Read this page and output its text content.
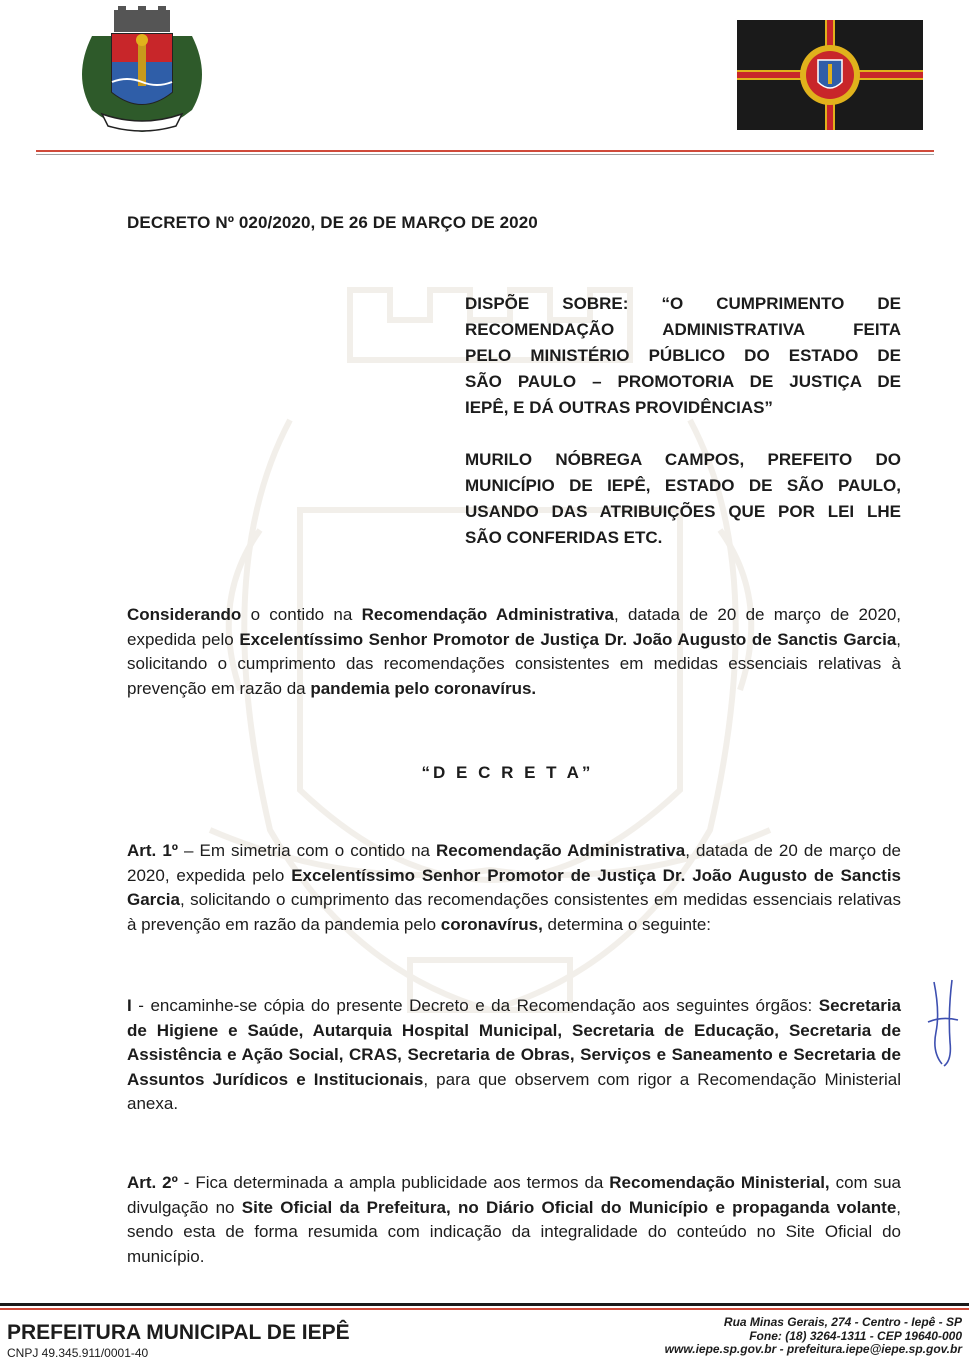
DECRETO Nº 020/2020, DE 26 DE MARÇO DE 2020
DISPÕE SOBRE: “O CUMPRIMENTO DE
RECOMENDAÇÃO ADMINISTRATIVA FEITA
PELO MINISTÉRIO PÚBLICO DO ESTADO DE
SÃO PAULO – PROMOTORIA DE JUSTIÇA DE
IEPÊ, E DÁ OUTRAS PROVIDÊNCIAS”
MURILO NÓBREGA CAMPOS, PREFEITO DO
MUNICÍPIO DE IEPÊ, ESTADO DE SÃO PAULO,
USANDO DAS ATRIBUIÇÕES QUE POR LEI LHE
SÃO CONFERIDAS ETC.
Considerando o contido na Recomendação Administrativa, datada de 20 de março de 2020, expedida pelo Excelentíssimo Senhor Promotor de Justiça Dr. João Augusto de Sanctis Garcia, solicitando o cumprimento das recomendações consistentes em medidas essenciais relativas à prevenção em razão da pandemia pelo coronavírus.
“D E C R E T A”
Art. 1º – Em simetria com o contido na Recomendação Administrativa, datada de 20 de março de 2020, expedida pelo Excelentíssimo Senhor Promotor de Justiça Dr. João Augusto de Sanctis Garcia, solicitando o cumprimento das recomendações consistentes em medidas essenciais relativas à prevenção em razão da pandemia pelo coronavírus, determina o seguinte:
I - encaminhe-se cópia do presente Decreto e da Recomendação aos seguintes órgãos: Secretaria de Higiene e Saúde, Autarquia Hospital Municipal, Secretaria de Educação, Secretaria de Assistência e Ação Social, CRAS, Secretaria de Obras, Serviços e Saneamento e Secretaria de Assuntos Jurídicos e Institucionais, para que observem com rigor a Recomendação Ministerial anexa.
Art. 2º - Fica determinada a ampla publicidade aos termos da Recomendação Ministerial, com sua divulgação no Site Oficial da Prefeitura, no Diário Oficial do Município e propaganda volante, sendo esta de forma resumida com indicação da integralidade do conteúdo no Site Oficial do município.
PREFEITURA MUNICIPAL DE IEPÊ
CNPJ 49.345.911/0001-40
Rua Minas Gerais, 274 - Centro - Iepê - SP
Fone: (18) 3264-1311 - CEP 19640-000
www.iepe.sp.gov.br - prefeitura.iepe@iepe.sp.gov.br
